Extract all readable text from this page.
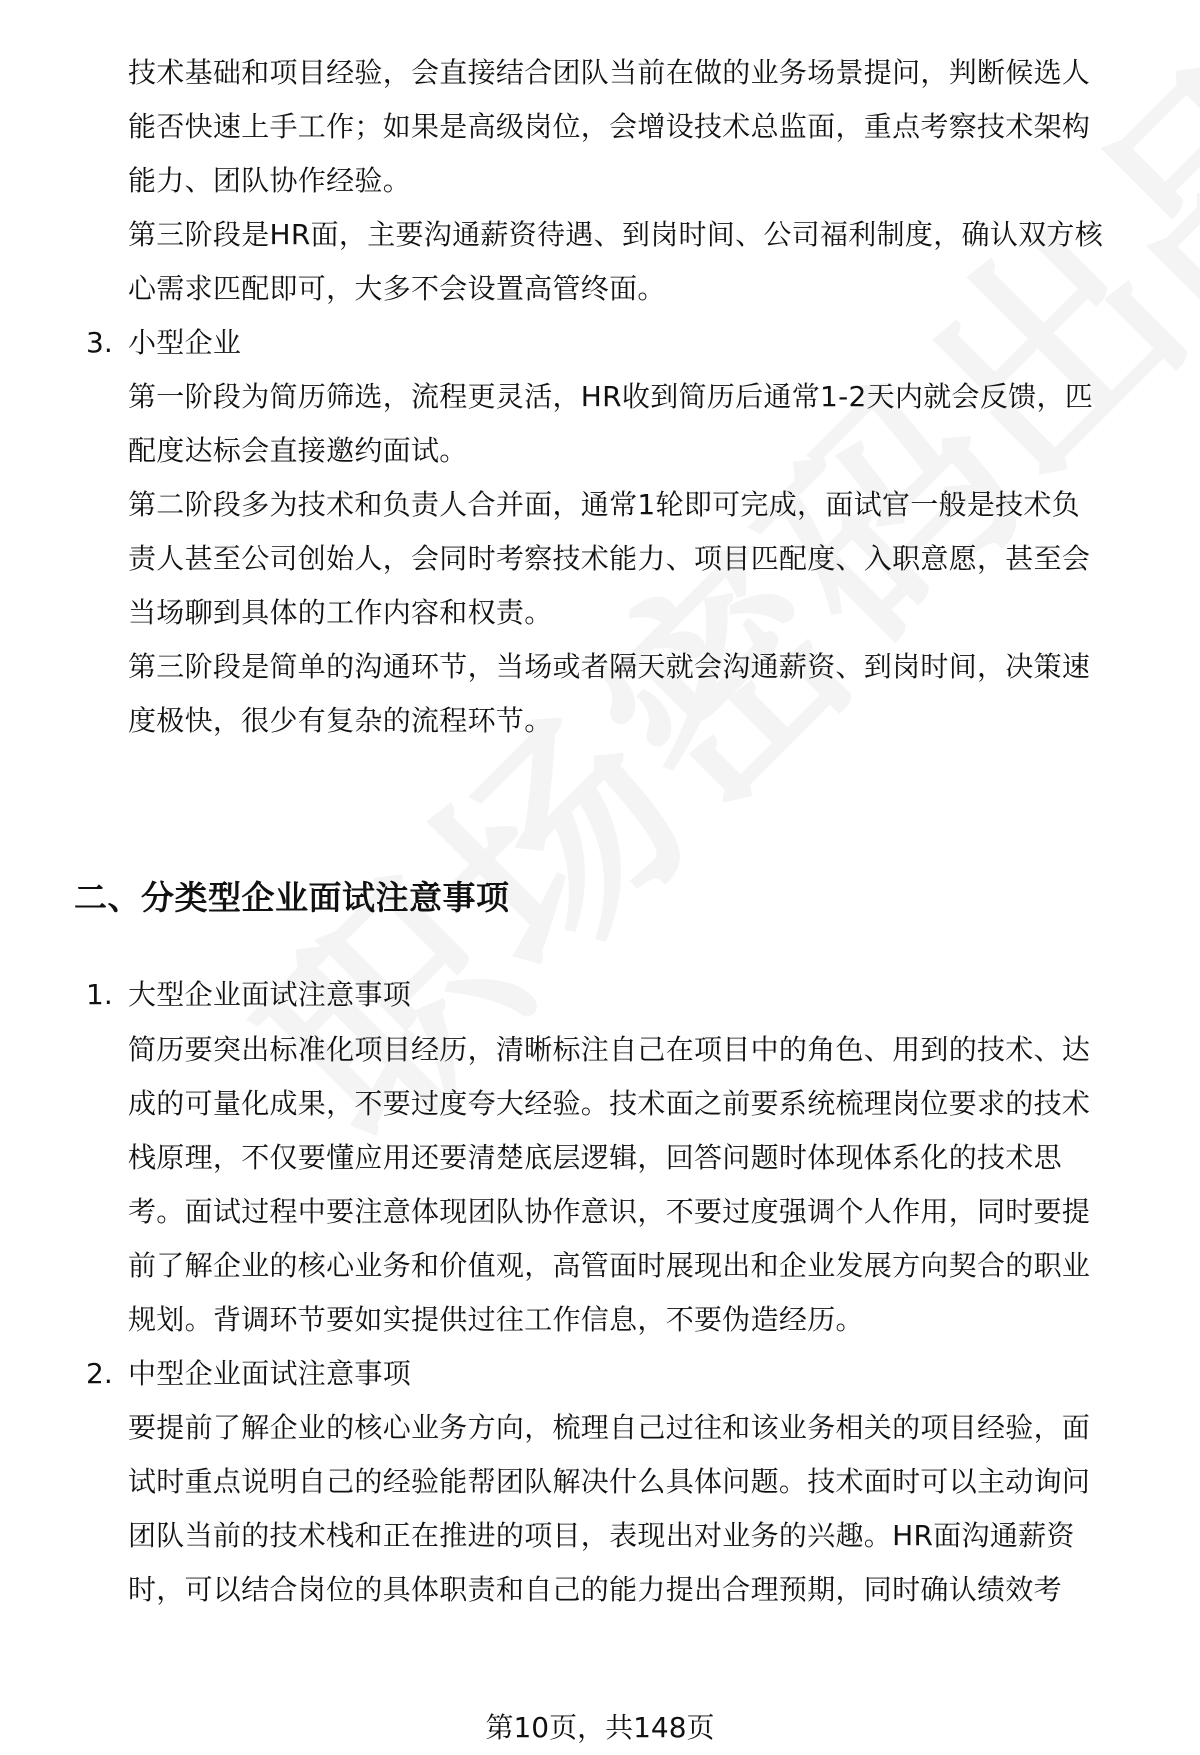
技术基础和项目经验，会直接结合团队当前在做的业务场景提问，判断候选人
能否快速上手工作；如果是高级岗位，会增设技术总监面，重点考察技术架构
能力、团队协作经验。
第三阶段是HR面，主要沟通薪资待遇、到岗时间、公司福利制度，确认双方核
心需求匹配即可，大多不会设置高管终面。
3. 小型企业
第一阶段为简历筛选，流程更灵活，HR收到简历后通常1-2天内就会反馈，匹
配度达标会直接邀约面试。
第二阶段多为技术和负责人合并面，通常1轮即可完成，面试官一般是技术负
责人甚至公司创始人，会同时考察技术能力、项目匹配度、入职意愿，甚至会
当场聊到具体的工作内容和权责。
第三阶段是简单的沟通环节，当场或者隔天就会沟通薪资、到岗时间，决策速
度极快，很少有复杂的流程环节。
二、分类型企业面试注意事项
1. 大型企业面试注意事项
简历要突出标准化项目经历，清晰标注自己在项目中的角色、用到的技术、达
成的可量化成果，不要过度夸大经验。技术面之前要系统梳理岗位要求的技术
栈原理，不仅要懂应用还要清楚底层逻辑，回答问题时体现体系化的技术思
考。面试过程中要注意体现团队协作意识，不要过度强调个人作用，同时要提
前了解企业的核心业务和价值观，高管面时展现出和企业发展方向契合的职业
规划。背调环节要如实提供过往工作信息，不要伪造经历。
2. 中型企业面试注意事项
要提前了解企业的核心业务方向，梳理自己过往和该业务相关的项目经验，面
试时重点说明自己的经验能帮团队解决什么具体问题。技术面时可以主动询问
团队当前的技术栈和正在推进的项目，表现出对业务的兴趣。HR面沟通薪资
时，可以结合岗位的具体职责和自己的能力提出合理预期，同时确认绩效考
第10页，共148页
